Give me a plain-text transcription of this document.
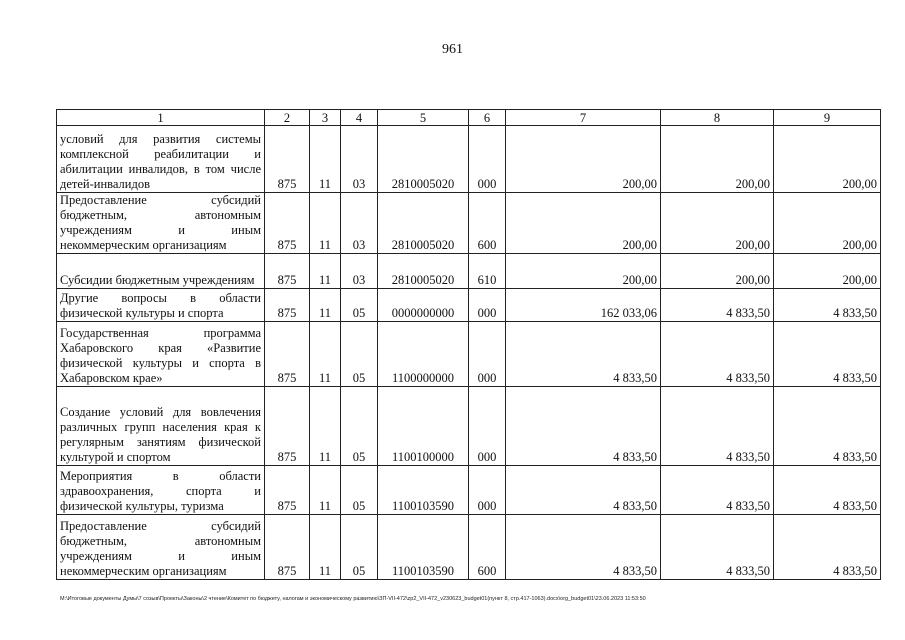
961
1	2	3	4	5	6	7	8	9
условий для развития системы комплексной реабилитации и абилитации инвалидов, в том числе детей-инвалидов	875	11	03	2810005020	000	200,00	200,00	200,00
Предоставление субсидий бюджетным, автономным учреждениям и иным некоммерческим организациям	875	11	03	2810005020	600	200,00	200,00	200,00
Субсидии бюджетным учреждениям	875	11	03	2810005020	610	200,00	200,00	200,00
Другие вопросы в области физической культуры и спорта	875	11	05	0000000000	000	162 033,06	4 833,50	4 833,50
Государственная программа Хабаровского края «Развитие физической культуры и спорта в Хабаровском крае»	875	11	05	1100000000	000	4 833,50	4 833,50	4 833,50
Создание условий для вовлечения различных групп населения края к регулярным занятиям физической культурой и спортом	875	11	05	1100100000	000	4 833,50	4 833,50	4 833,50
Мероприятия в области здравоохранения, спорта и физической культуры, туризма	875	11	05	1100103590	000	4 833,50	4 833,50	4 833,50
Предоставление субсидий бюджетным, автономным учреждениям и иным некоммерческим организациям	875	11	05	1100103590	600	4 833,50	4 833,50	4 833,50
M:\Итоговые документы Думы\7 созыв\Проекты\Законы\2 чтение\Комитет по бюджету, налогам и экономическому развитию\ЗП-VII-472\zp2_VII-472_v230623_budget01(пункт 8, стр.417-1063).docx\org_budget01\23.06.2023 11:53:50
